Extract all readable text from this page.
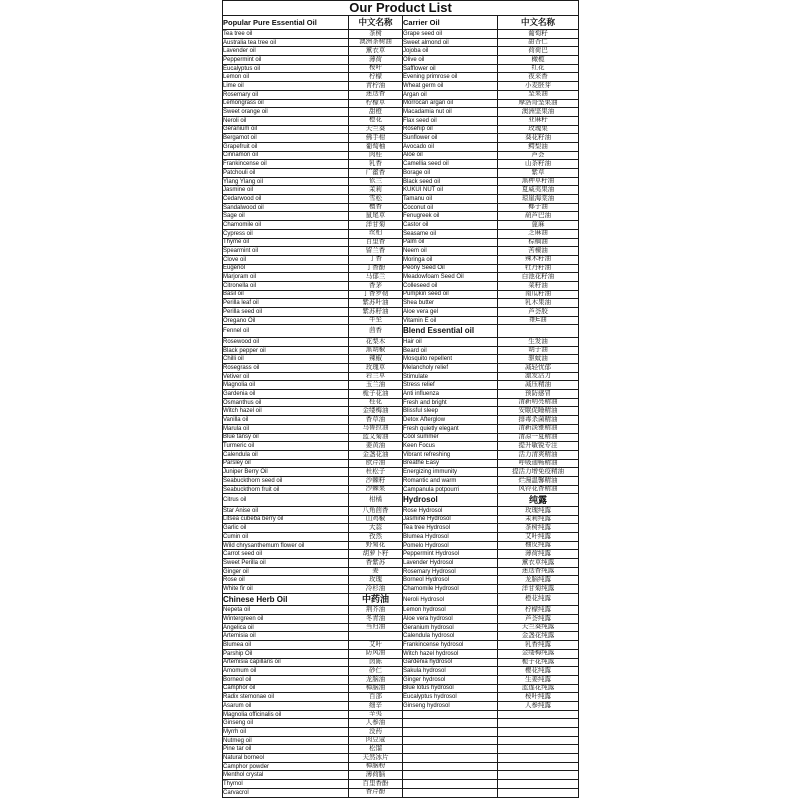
Our Product List			
Popular Pure Essential Oil	中文名称	Carrier Oil	中文名称
Tea tree oil	茶树	Grape seed oil	葡萄籽
Australia tea tree oil	澳洲茶树油	Sweet almond oil	甜杏仁
Lavender oil	薰衣草	Jojoba oil	荷荷巴
Peppermint oil	薄荷	Olive oil	橄榄
Eucalyptus oil	桉叶	Safflower oil	红花
Lemon oil	柠檬	Evening primrose oil	夜来香
Lime oil	青柠油	Wheat germ oil	小麦胚芽
Rosemary oil	迷迭香	Argan oil	坚果油
Lemongrass oil	柠檬草	Morrocan argan oil	摩洛哥坚果油
Sweet orange oil	甜橙	Macadamia nut oil	澳洲坚果油
Neroli oil	橙花	Flax seed oil	亚麻籽
Geranium oil	天竺葵	Rosehip oil	玫瑰果
Bergamot oil	佛手柑	Sunflower oil	葵花籽油
Grapefruit oil	葡萄柚	Avocado oil	鳄梨油
Cinnamon oil	肉桂	Aloe oil	芦荟
Frankincense oil	乳香	Camellia seed oil	山茶籽油
Patchouli oil	广藿香	Borage oil	紫草
Ylang Ylang oil	依兰	Black seed oil	黑种草籽油
Jasmine oil	茉莉	KUKUI NUT oil	夏威夷果油
Cedarwood oil	雪松	Tamanu oil	琼崖海棠油
Sandalwood oil	檀香	Coconut oil	椰子油
Sage oil	鼠尾草	Fenugreek oil	葫芦巴油
Chamomile oil	洋甘菊	Castor oil	蓖麻
Cypress oil	丝柏	Seasame oil	芝麻油
Thyme oil	百里香	Palm oil	棕榈油
Spearmint oil	留兰香	Neem oil	苦楝油
Clove oil	丁香	Moringa oil	辣木籽油
Eugenol	丁香酚	Peony Seed Oil	牡丹籽油
Marjoram oil	马郁兰	Meadowfoam Seed Oil	白池花籽油
Citronella oil	香茅	Colleseed oil	菜籽油
Basil oil	丁香罗勒	Pumpkin seed oil	南瓜籽油
Perilla leaf oil	紫苏叶油	Shea butter	乳木果油
Perilla seed oil	紫苏籽油	Aloe vera gel	芦荟胶
Oregano Oil	牛至	Vitamin E oil	维E油
Fennel oil	茴香	Blend Essential oil	
Rosewood oil	花梨木	Hair oil	生发油
Black pepper oil	黑胡椒	Beard oil	胡子油
Chilli oil	辣椒	Mosquito repellent	驱蚊油
Rosegrass oil	玫瑰草	Melancholy relief	减轻忧郁
Vetiver oil	岩兰草	Stimulate	激发活力
Magnolia oil	玉兰油	Stress relief	减压精油
Gardenia oil	栀子花油	Anti influenza	预防感冒
Osmanthus oil	桂花	Fresh and bright	清新明亮精油
Witch hazel oil	金缕梅油	Blissful sleep	安眠促睡精油
Vanilla oil	香草油	Detox Afterglow	排毒杀菌精油
Marula oil	马鲁拉油	Fresh quietly elegant	清新淡雅精油
Blue tansy oil	蓝艾菊油	Cool summer	清凉一夏精油
Turmeric oil	姜黄油	Keen Focus	提升敏锐专注
Calendula oil	金盏花油	Vibrant refreshing	活力清爽精油
Parsley oil	欧芹油	Breathe Easy	呼吸通畅精油
Juniper Berry Oil	杜松子	Energizing immunity	提活力增免疫精油
Seabuckthorn seed oil	沙棘籽	Romantic and warm	烂漫温馨精油
Seabuckthorn fruit oil	沙棘果	Campanula potpourri	风铃花香精油
Citrus oil	柑橘	Hydrosol	纯露
Star Anise oil	八角茴香	Rose Hydrosol	玫瑰纯露
Litsea cubeba berry oil	山鸡椒	Jasmine Hydrosol	茉莉纯露
Garlic oil	大蒜	Tea tree Hydrosol	茶树纯露
Cumin oil	孜然	Blumea Hydrosol	艾叶纯露
Wild chrysanthemum flower oil	野菊花	Pomelo Hydrosol	柚皮纯露
Carrot seed oil	胡萝卜籽	Peppermint Hydrosol	薄荷纯露
Sweet Perilla oil	香紫苏	Lavender Hydrosol	薰衣草纯露
Ginger oil	姜	Rosemary Hydrosol	迷迭香纯露
Rose oil	玫瑰	Borneol Hydrosol	龙脑纯露
White fir oil	冷杉油	Chamomile Hydrosol	洋甘菊纯露
Chinese Herb Oil	中药油	Neroli Hydrosol	橙花纯露
Nepeta oil	荆芥油	Lemon hydrosol	柠檬纯露
Wintergreen oil	冬青油	Aloe vera hydrosol	芦荟纯露
Angelica oil	当归油	Geranium hydrosol	天竺葵纯露
Artemisia oil		Calendula hydrosol	金盏花纯露
Blumea oil	艾叶	Frankincense hydrosol	乳香纯露
Parship Oil	防风油	Witch hazel hydrosol	金缕梅纯露
Artemisia capillaris oil	茵陈	Gardenia hydrosol	栀子花纯露
Amomum oil	砂仁	Sakula hydrosol	樱花纯露
Borneol oil	龙脑油	Ginger hydrosol	生姜纯露
Camphor oil	樟脑油	Blue lotus hydrosol	蓝莲花纯露
Radix stemonae oil	百部	Eucalyptus hydrosol	桉叶纯露
Asarum oil	细辛	Ginseng hydrosol	人参纯露
Magnolia officinalis oil	辛夷		
Ginseng oil	人参油		
Myrrh oil	没药		
Nutmeg oil	肉豆蔻		
Pine tar oil	松馏		
Natural borneol	天然冰片		
Camphor powder	樟脑粉		
Menthol crystal	薄荷脑		
Thymol	百里香酚		
Carvacrol	香芹酚		
